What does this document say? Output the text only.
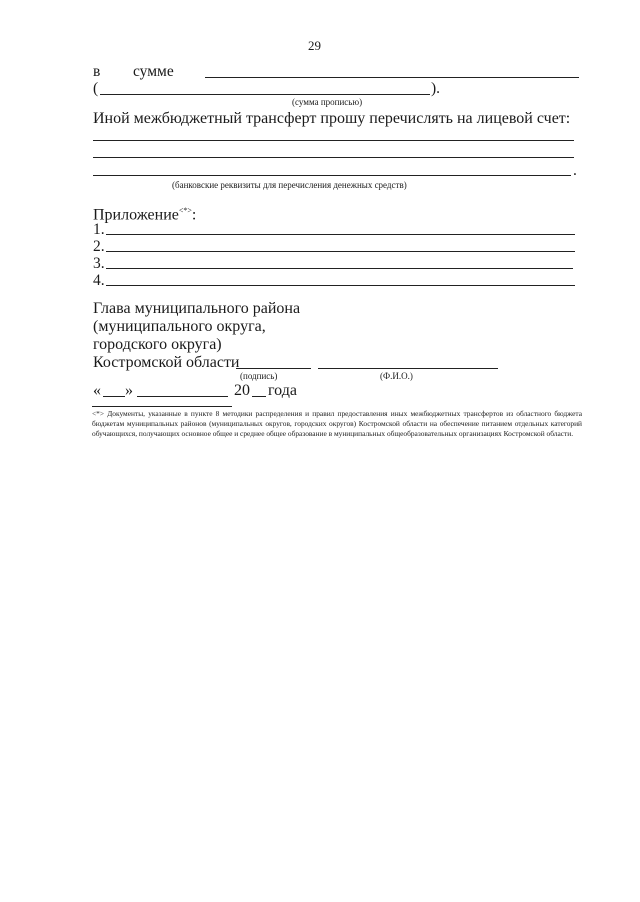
29
в сумме
(	).
(сумма прописью)
Иной межбюджетный трансферт прошу перечислять на лицевой счет:
.
(банковские реквизиты для перечисления денежных средств)
Приложение<*>:
1.
2.
3.
4.
Глава муниципального района
(муниципального округа,
городского округа)
Костромской области
(подпись)	(Ф.И.О.)
« »	20 года
<*> Документы, указанные в пункте 8 методики распределения и правил предоставления иных межбюджетных трансфертов из областного бюджета бюджетам муниципальных районов (муниципальных округов, городских округов) Костромской области на обеспечение питанием отдельных категорий обучающихся, получающих основное общее и среднее общее образование в муниципальных общеобразовательных организациях Костромской области.
